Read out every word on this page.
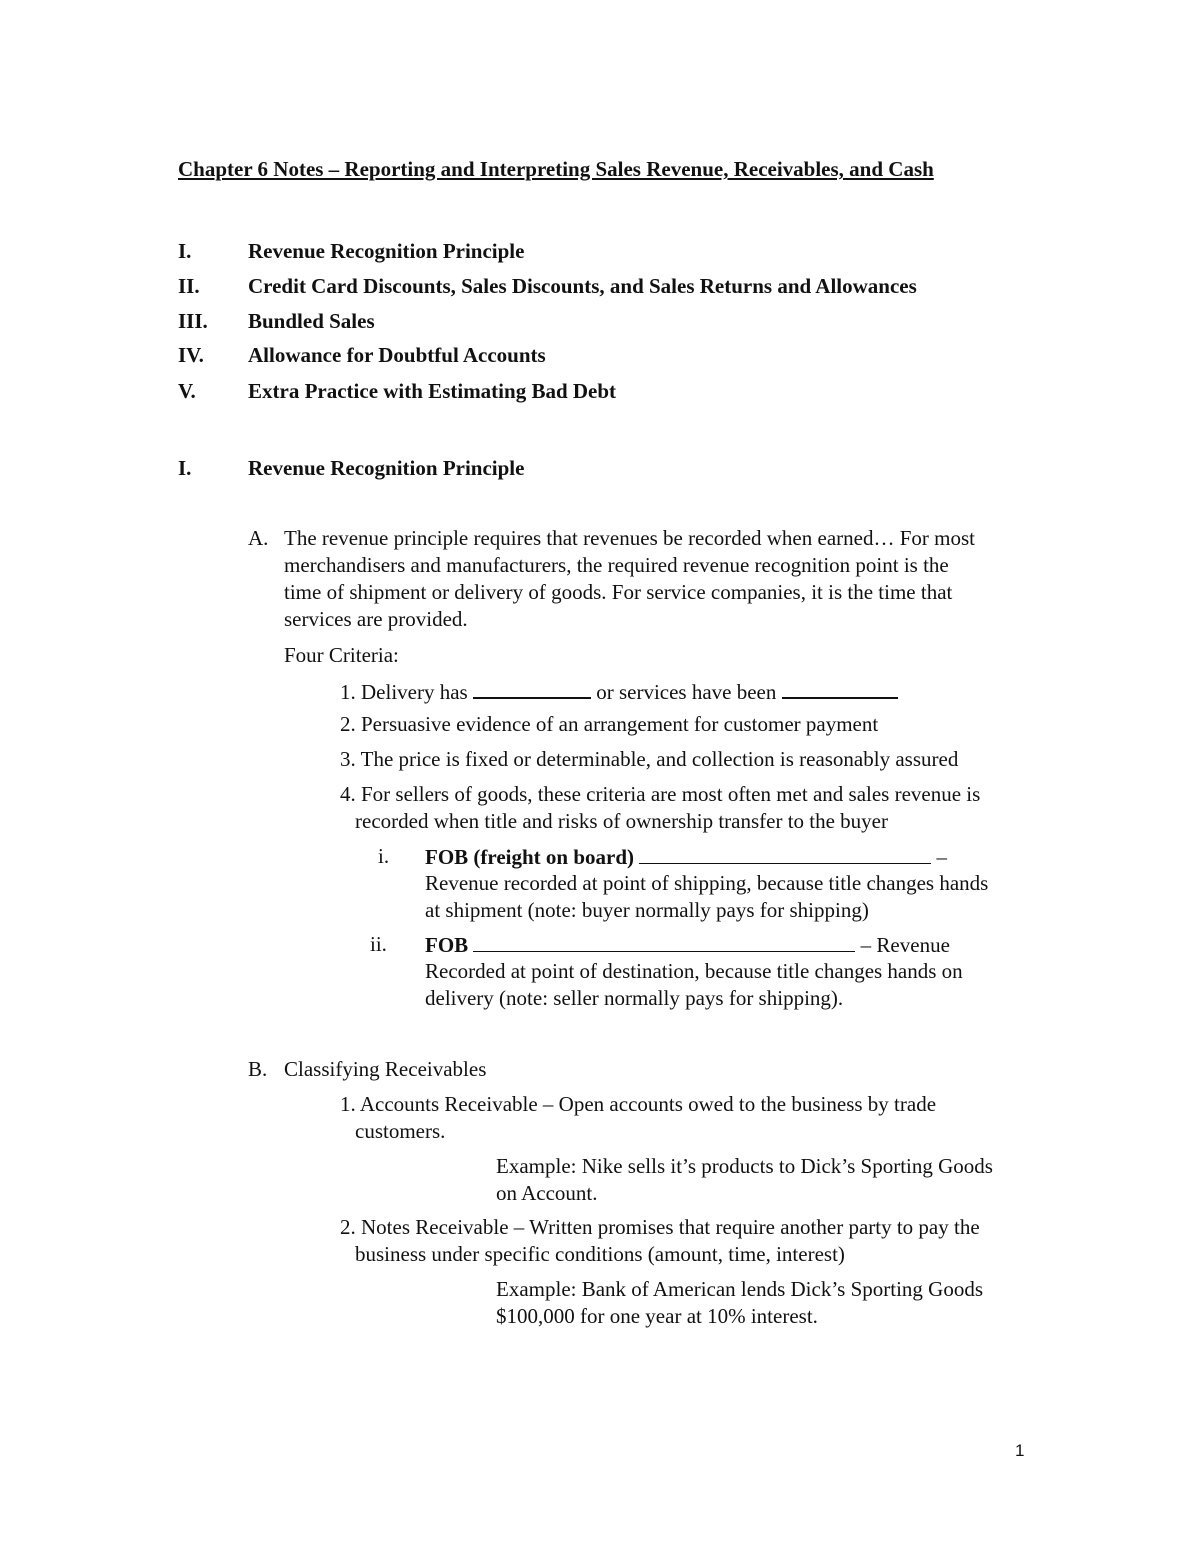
Chapter 6 Notes – Reporting and Interpreting Sales Revenue, Receivables, and Cash
I.	Revenue Recognition Principle
II. Credit Card Discounts, Sales Discounts, and Sales Returns and Allowances
III. Bundled Sales
IV. Allowance for Doubtful Accounts
V. Extra Practice with Estimating Bad Debt
I.	Revenue Recognition Principle
A. The revenue principle requires that revenues be recorded when earned… For most
merchandisers and manufacturers, the required revenue recognition point is the
time of shipment or delivery of goods. For service companies, it is the time that
services are provided.
Four Criteria:
1. Delivery has	or services have been
2. Persuasive evidence of an arrangement for customer payment
3. The price is fixed or determinable, and collection is reasonably assured
4. For sellers of goods, these criteria are most often met and sales revenue is
recorded when title and risks of ownership transfer to the buyer
i. FOB (freight on board)	–
Revenue recorded at point of shipping, because title changes hands
at shipment (note: buyer normally pays for shipping)
ii. FOB	– Revenue
Recorded at point of destination, because title changes hands on
delivery (note: seller normally pays for shipping).
B. Classifying Receivables
1. Accounts Receivable – Open accounts owed to the business by trade
customers.
Example: Nike sells it’s products to Dick’s Sporting Goods
on Account.
2. Notes Receivable – Written promises that require another party to pay the
business under specific conditions (amount, time, interest)
Example: Bank of American lends Dick’s Sporting Goods
$100,000 for one year at 10% interest.
1
